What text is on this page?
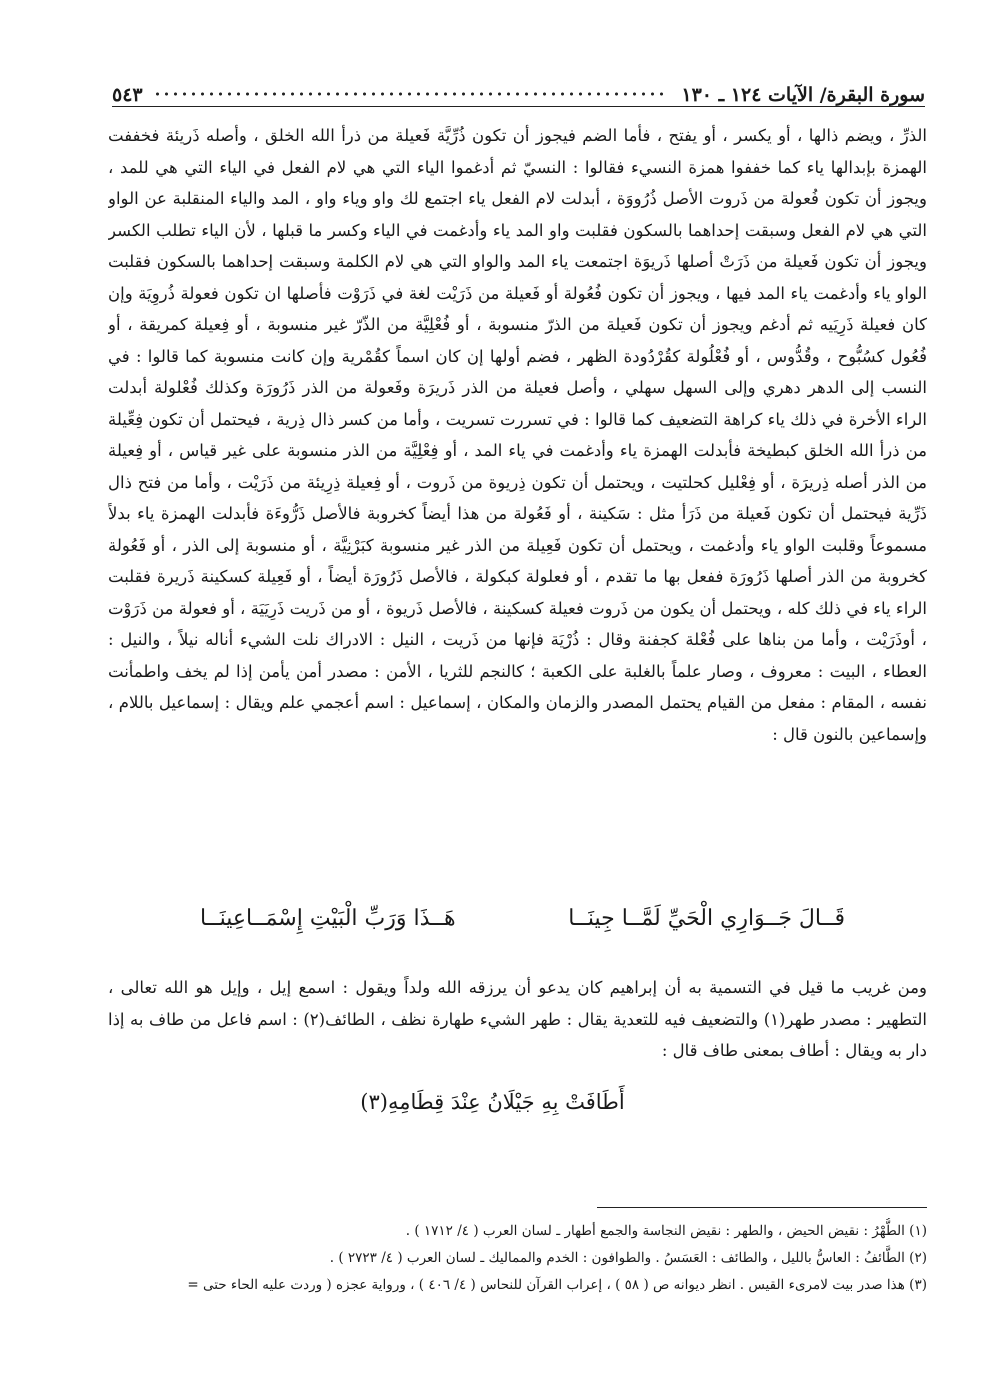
سورة البقرة/ الآيات ١٢٤ ـ ١٣٠
٥٤٣

الذرِّ ، ويضم ذالها ، أو يكسر ، أو يفتح ، فأما الضم فيجوز أن تكون ذُرِّيَّة فَعيلة من ذرأ الله الخلق ، وأصله ذَريئة فخففت الهمزة بإبدالها ياء كما خففوا همزة النسيء فقالوا : النسيّ ثم أدغموا الياء التي هي لام الفعل في الياء التي هي للمد ، ويجوز أن تكون فُعولة من ذَروت الأصل ذُرُووَة ، أبدلت لام الفعل ياء اجتمع لك واو وياء واو ، المد والياء المنقلبة عن الواو التي هي لام الفعل وسبقت إحداهما بالسكون فقلبت واو المد ياء وأدغمت في الياء وكسر ما قبلها ، لأن الياء تطلب الكسر ويجوز أن تكون فَعيلة من ذَرَتْ أصلها ذَريوَة اجتمعت ياء المد والواو التي هي لام الكلمة وسبقت إحداهما بالسكون فقلبت الواو ياء وأدغمت ياء المد فيها ، ويجوز أن تكون فُعُولة أو فَعيلة من ذَرَيْت لغة في ذَرَوْت فأصلها ان تكون فعولة ذُروِيَة وإن كان فعيلة ذَرِيَيه ثم أدغم ويجوز أن تكون فَعيلة من الذرّ منسوبة ، أو فُعْلِيَّة من الذّرّ غير منسوبة ، أو فِعيلة كمريقة ، أو فُعُول كسُبُّوح ، وقُدُّوس ، أو فُعْلُولة كقُرْدُودة الظهر ، فضم أولها إن كان اسماً كقُمْرية وإن كانت منسوبة كما قالوا : في النسب إلى الدهر دهري وإلى السهل سهلي ، وأصل فعيلة من الذر ذَريرَة وفَعولة من الذر ذَرُورَة وكذلك فُعْلولة أبدلت الراء الأخرة في ذلك ياء كراهة التضعيف كما قالوا : في تسررت تسريت ، وأما من كسر ذال ذِرية ، فيحتمل أن تكون فِعِّيلة من ذرأ الله الخلق كبطيخة فأبدلت الهمزة ياء وأدغمت في ياء المد ، أو فِعْلِيَّة من الذر منسوبة على غير قياس ، أو فِعيلة من الذر أصله ذِريرَة ، أو فِعْليل كحلتيت ، ويحتمل أن تكون ذِريوة من ذَروت ، أو فِعيلة ذِرِيئة من ذَرَيْت ، وأما من فتح ذال ذَرِّية فيحتمل أن تكون فَعيلة من ذَرَأ مثل : سَكينة ، أو فَعُولة من هذا أيضاً كخروبة فالأصل ذَرُّوءَة فأبدلت الهمزة ياء بدلاً مسموعاً وقلبت الواو ياء وأدغمت ، ويحتمل أن تكون فَعِيلة من الذر غير منسوبة كبَرْنِيَّة ، أو منسوبة إلى الذر ، أو فَعُولة كخروبة من الذر أصلها ذَرُورَة ففعل بها ما تقدم ، أو فعلولة كبكولة ، فالأصل ذَرُورَة أيضاً ، أو فَعِيلة كسكينة ذَريرة فقلبت الراء ياء في ذلك كله ، ويحتمل أن يكون من ذَروت فعيلة كسكينة ، فالأصل ذَريوة ، أو من ذَريت ذَرِيَيَة ، أو فعولة من ذَرَوْت ، أوذَرَيْت ، وأما من بناها على فُعْلة كجفنة وقال : ذُرْيَة فإنها من ذَريت ، النيل : الادراك نلت الشيء أناله نيلاً ، والنيل : العطاء ، البيت : معروف ، وصار علماً بالغلبة على الكعبة ؛ كالنجم للثريا ، الأمن : مصدر أمن يأمن إذا لم يخف واطمأنت نفسه ، المقام : مفعل من القيام يحتمل المصدر والزمان والمكان ، إسماعيل : اسم أعجمي علم ويقال : إسماعيل باللام ، وإسماعين بالنون قال :

قَــالَ جَــوَارِي الْحَيِّ لَمَّــا جِينَــا
هَــذَا وَرَبِّ الْبَيْتِ إِسْمَــاعِينَــا

ومن غريب ما قيل في التسمية به أن إبراهيم كان يدعو أن يرزقه الله ولداً ويقول : اسمع إيل ، وإيل هو الله تعالى ، التطهير : مصدر طهر(١) والتضعيف فيه للتعدية يقال : طهر الشيء طهارة نظف ، الطائف(٢) : اسم فاعل من طاف به إذا دار به ويقال : أطاف بمعنى طاف قال :

أَطَافَتْ بِهِ جَيْلَانُ عِنْدَ قِطَامِهِ(٣)
(١) الطُّهْرُ : نقيض الحيض ، والطهر : نقيض النجاسة والجمع أطهار ـ لسان العرب ( ٤/ ١٧١٢ ) .
(٢) الطَّائفُ : العاسُّ بالليل ، والطائف : العَسَسُ . والطوافون : الخدم والمماليك ـ لسان العرب ( ٤/ ٢٧٢٣ ) .
(٣) هذا صدر بيت لامرىء القيس . انظر ديوانه ص ( ٥٨ ) ، إعراب القرآن للنحاس ( ٤/ ٤٠٦ ) ، ورواية عجزه ( وردت عليه الحاء حتى =
